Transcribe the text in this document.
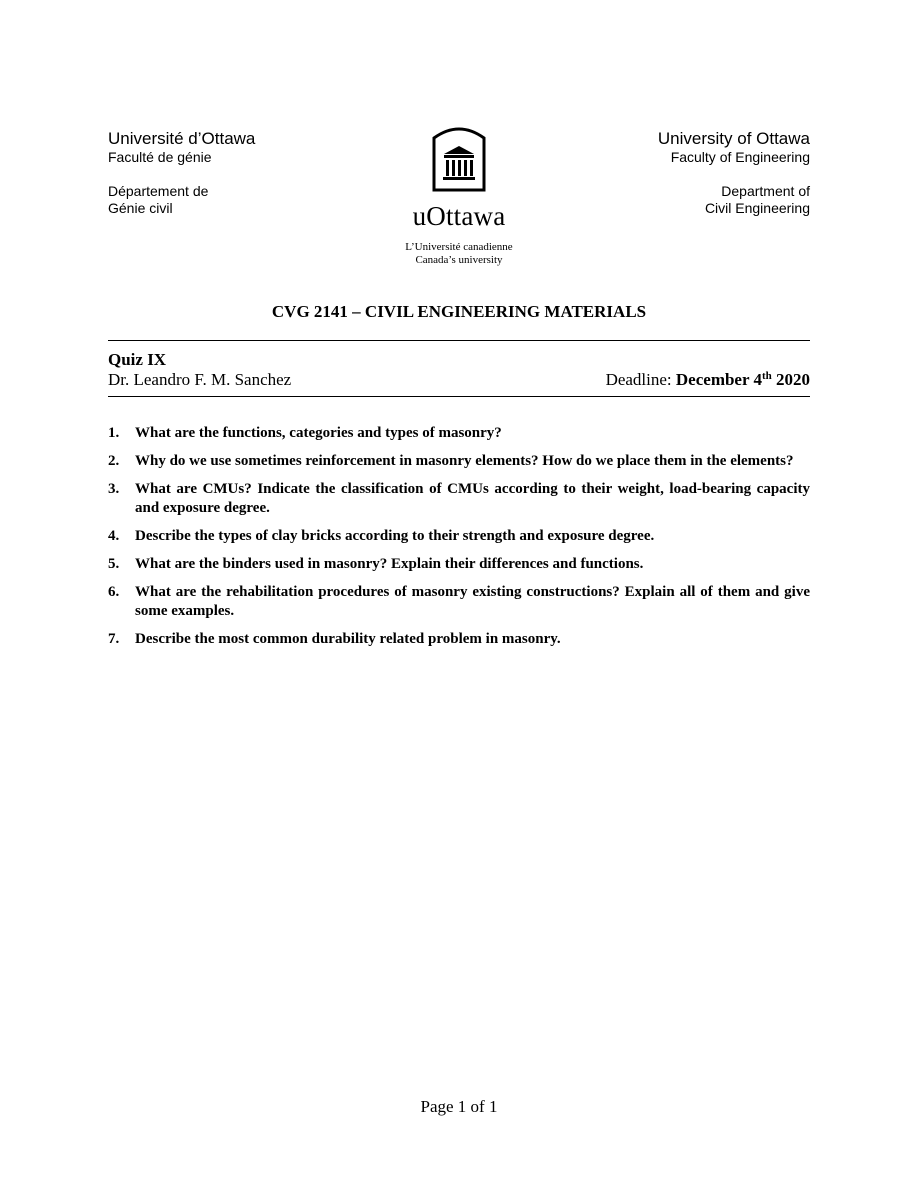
Université d’Ottawa
Faculté de génie
Département de
Génie civil	uOttawa
L’Université canadienne
Canada’s university
University of Ottawa
Faculty of Engineering
Department of
Civil Engineering
CVG 2141 – CIVIL ENGINEERING MATERIALS
Quiz IX
Dr. Leandro F. M. Sanchez	Deadline: December 4th 2020
1. What are the functions, categories and types of masonry?
2. Why do we use sometimes reinforcement in masonry elements? How do we place them in the elements?
3. What are CMUs? Indicate the classification of CMUs according to their weight, load-bearing capacity and exposure degree.
4. Describe the types of clay bricks according to their strength and exposure degree.
5. What are the binders used in masonry? Explain their differences and functions.
6. What are the rehabilitation procedures of masonry existing constructions? Explain all of them and give some examples.
7. Describe the most common durability related problem in masonry.
Page 1 of 1
